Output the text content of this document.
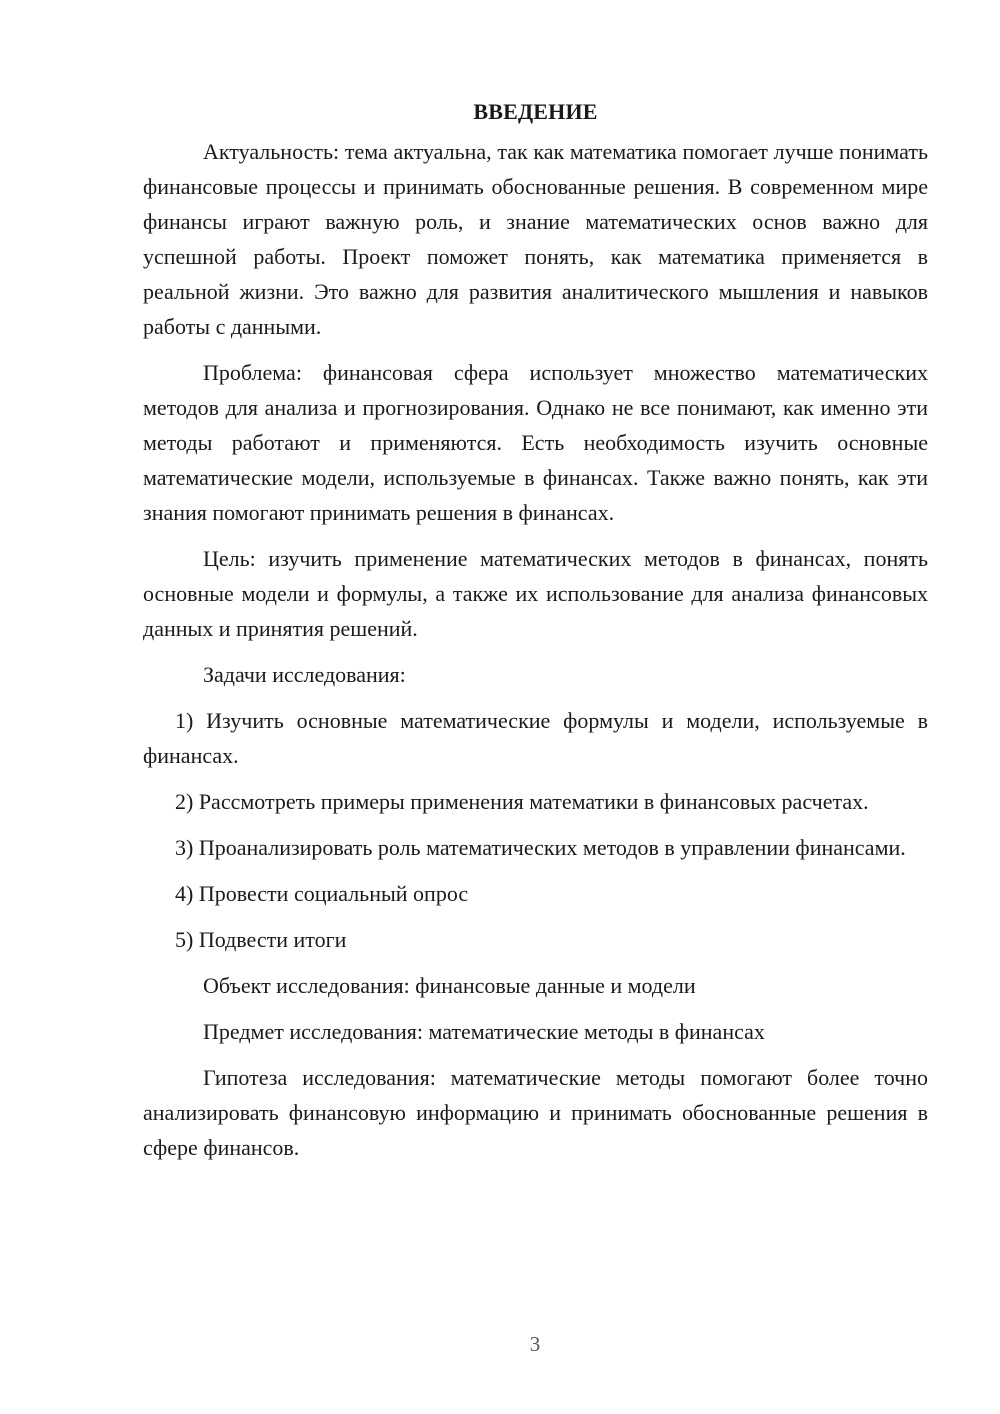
ВВЕДЕНИЕ

Актуальность: тема актуальна, так как математика помогает лучше понимать финансовые процессы и принимать обоснованные решения. В современном мире финансы играют важную роль, и знание математических основ важно для успешной работы. Проект поможет понять, как математика применяется в реальной жизни. Это важно для развития аналитического мышления и навыков работы с данными.

Проблема: финансовая сфера использует множество математических методов для анализа и прогнозирования. Однако не все понимают, как именно эти методы работают и применяются. Есть необходимость изучить основные математические модели, используемые в финансах. Также важно понять, как эти знания помогают принимать решения в финансах.

Цель: изучить применение математических методов в финансах, понять основные модели и формулы, а также их использование для анализа финансовых данных и принятия решений.

Задачи исследования:

1) Изучить основные математические формулы и модели, используемые в финансах.

2) Рассмотреть примеры применения математики в финансовых расчетах.

3) Проанализировать роль математических методов в управлении финансами.

4) Провести социальный опрос

5) Подвести итоги

Объект исследования: финансовые данные и модели

Предмет исследования: математические методы в финансах

Гипотеза исследования: математические методы помогают более точно анализировать финансовую информацию и принимать обоснованные решения в сфере финансов.

3
